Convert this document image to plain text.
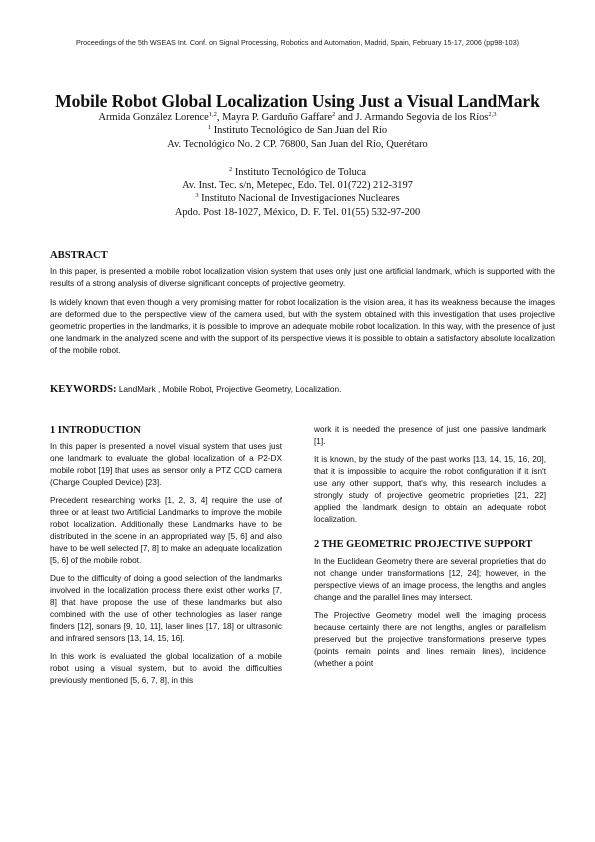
Proceedings of the 5th WSEAS Int. Conf. on Signal Processing, Robotics and Automation, Madrid, Spain, February 15-17, 2006 (pp98-103)
Mobile Robot Global Localization Using Just a Visual LandMark
Armida González Lorence$^{1,2}$, Mayra P. Garduño Gaffare$^2$ and J. Armando Segovia de los Ríos$^{2,3}$
$^1$ Instituto Tecnológico de San Juan del Río
Av. Tecnológico No. 2 CP. 76800, San Juan del Río, Querétaro
$^2$ Instituto Tecnológico de Toluca
Av. Inst. Tec. s/n, Metepec, Edo. Tel. 01(722) 212-3197
$^3$ Instituto Nacional de Investigaciones Nucleares
Apdo. Post 18-1027, México, D. F. Tel. 01(55) 532-97-200
ABSTRACT
In this paper, is presented a mobile robot localization vision system that uses only just one artificial landmark, which is supported with the results of a strong analysis of diverse significant concepts of projective geometry.
Is widely known that even though a very promising matter for robot localization is the vision area, it has its weakness because the images are deformed due to the perspective view of the camera used, but with the system obtained with this investigation that uses projective geometric properties in the landmarks, it is possible to improve an adequate mobile robot localization. In this way, with the presence of just one landmark in the analyzed scene and with the support of its perspective views it is possible to obtain a satisfactory absolute localization of the mobile robot.
KEYWORDS: LandMark , Mobile Robot, Projective Geometry, Localization.

1 INTRODUCTION

In this paper is presented a novel visual system that uses just one landmark to evaluate the global localization of a P2-DX mobile robot [19] that uses as sensor only a PTZ CCD camera (Charge Coupled Device) [23].

Precedent researching works [1, 2, 3, 4] require the use of three or at least two Artificial Landmarks to improve the mobile robot localization. Additionally these Landmarks have to be distributed in the scene in an appropriated way [5, 6] and also have to be well selected [7, 8] to make an adequate localization [5, 6] of the mobile robot.

Due to the difficulty of doing a good selection of the landmarks involved in the localization process there exist other works [7, 8] that have propose the use of these landmarks but also combined with the use of other technologies as laser range finders [12], sonars [9, 10, 11], laser lines [17, 18] or ultrasonic and infrared sensors [13, 14, 15, 16].

In this work is evaluated the global localization of a mobile robot using a visual system, but to avoid the difficulties previously mentioned [5, 6, 7, 8], in this

work it is needed the presence of just one passive landmark [1].

It is known, by the study of the past works [13, 14, 15, 16, 20], that it is impossible to acquire the robot configuration if it isn't use any other support, that's why, this research includes a strongly study of projective geometric proprieties [21, 22] applied the landmark design to obtain an adequate robot localization.

2 THE GEOMETRIC PROJECTIVE SUPPORT

In the Euclidean Geometry there are several proprieties that do not change under transformations [12, 24]; however, in the perspective views of an image process, the lengths and angles change and the parallel lines may intersect.

The Projective Geometry model well the imaging process because certainly there are not lengths, angles or parallelism preserved but the projective transformations preserve types (points remain points and lines remain lines), incidence (whether a point
